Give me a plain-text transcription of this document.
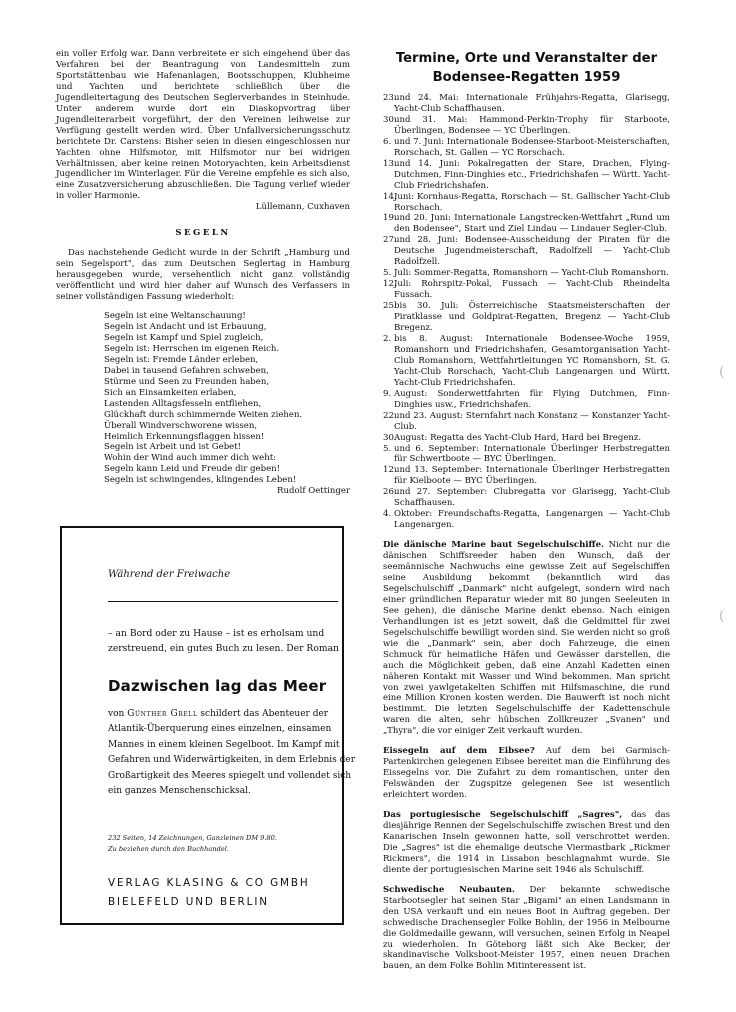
ein voller Erfolg war. Dann verbreitete er sich eingehend über das Verfahren bei der Beantragung von Landesmitteln zum Sportstättenbau wie Hafenanlagen, Bootsschuppen, Klubheime und Yachten und berichtete schließlich über die Jugendleitertagung des Deutschen Seglerverbandes in Steinhude. Unter anderem wurde dort ein Diaskopvortrag über Jugendleiterarbeit vorgeführt, der den Vereinen leihweise zur Verfügung gestellt werden wird. Über Unfallversicherungsschutz berichtete Dr. Carstens: Bisher seien in diesen eingeschlossen nur Yachten ohne Hilfsmotor, mit Hilfsmotor nur bei widrigen Verhältnissen, aber keine reinen Motoryachten, kein Arbeitsdienst Jugendlicher im Winterlager. Für die Vereine empfehle es sich also, eine Zusatzversicherung abzuschließen. Die Tagung verlief wieder in voller Harmonie.

Lüllemann, Cuxhaven

SEGELN

Das nachstehende Gedicht wurde in der Schrift „Hamburg und sein Segelsport", das zum Deutschen Seglertag in Hamburg herausgegeben wurde, versehentlich nicht ganz vollständig veröffentlicht und wird hier daher auf Wunsch des Verfassers in seiner vollständigen Fassung wiederholt:

Segeln ist eine Weltanschauung!
Segeln ist Andacht und ist Erbauung,
Segeln ist Kampf und Spiel zugleich,
Segeln ist: Herrschen im eigenen Reich.
Segeln ist: Fremde Länder erleben,
Dabei in tausend Gefahren schweben,
Stürme und Seen zu Freunden haben,
Sich an Einsamkeiten erlaben,
Lastenden Alltagsfesseln entfliehen,
Glückhaft durch schimmernde Weiten ziehen.
Überall Windverschworene wissen,
Heimlich Erkennungsflaggen hissen!
Segeln ist Arbeit und ist Gebet!
Wohin der Wind auch immer dich weht:
Segeln kann Leid und Freude dir geben!
Segeln ist schwingendes, klingendes Leben!

Rudolf Oettinger

Während der Freiwache
– an Bord oder zu Hause – ist es erholsam und zerstreuend, ein gutes Buch zu lesen. Der Roman
Dazwischen lag das Meer
von Günther Grell schildert das Abenteuer der Atlantik-Überquerung eines einzelnen, einsamen Mannes in einem kleinen Segelboot. Im Kampf mit Gefahren und Widerwärtigkeiten, in dem Erlebnis der Großartigkeit des Meeres spiegelt und vollendet sich ein ganzes Menschenschicksal.
232 Seiten, 14 Zeichnungen, Ganzleinen DM 9.80.
Zu beziehen durch den Buchhandel.
VERLAG KLASING & CO GMBH
BIELEFELD UND BERLIN
Termine, Orte und Veranstalter der
Bodensee-Regatten 1959
23.
und 24. Mai: Internationale Frühjahrs-Regatta, Glarisegg, Yacht-Club Schaffhausen.
30.
und 31. Mai: Hammond-Perkin-Trophy für Starboote, Überlingen, Bodensee — YC Überlingen.
6. und 7. Juni: Internationale Bodensee-Starboot-Meisterschaften, Rorschach, St. Gallen — YC Rorschach.
13.
und 14. Juni: Pokalregatten der Stare, Drachen, Flying-Dutchmen, Finn-Dinghies etc., Friedrichshafen — Württ. Yacht-Club Friedrichshafen.
14.
Juni: Kornhaus-Regatta, Rorschach — St. Gallischer Yacht-Club Rorschach.
19.
und 20. Juni: Internationale Langstrecken-Wettfahrt „Rund um den Bodensee", Start und Ziel Lindau — Lindauer Segler-Club.
27.
und 28. Juni: Bodensee-Ausscheidung der Piraten für die Deutsche Jugendmeisterschaft, Radolfzell — Yacht-Club Radolfzell.
5. Juli: Sommer-Regatta, Romanshorn — Yacht-Club Romanshorn.
12.
Juli: Rohrspitz-Pokal, Fussach — Yacht-Club Rheindelta Fussach.
25.
bis 30. Juli: Österreichische Staatsmeisterschaften der Piratklasse und Goldpirat-Regatten, Bregenz — Yacht-Club Bregenz.
2. bis 8. August: Internationale Bodensee-Woche 1959, Romanshorn und Friedrichshafen, Gesamtorganisation Yacht-Club Romanshorn, Wettfahrtleitungen YC Romanshorn, St. G. Yacht-Club Rorschach, Yacht-Club Langenargen und Württ. Yacht-Club Friedrichshafen.
9. August: Sonderwettfahrten für Flying Dutchmen, Finn-Dinghies usw., Friedrichshafen.
22.
und 23. August: Sternfahrt nach Konstanz — Konstanzer Yacht-Club.
30.
August: Regatta des Yacht-Club Hard, Hard bei Bregenz.
5. und 6. September: Internationale Überlinger Herbstregatten für Schwertboote — BYC Überlingen.
12.
und 13. September: Internationale Überlinger Herbstregatten für Kielboote — BYC Überlingen.
26.
und 27. September: Clubregatta vor Glarisegg, Yacht-Club Schaffhausen.
4. Oktober: Freundschafts-Regatta, Langenargen — Yacht-Club Langenargen.

Die dänische Marine baut Segelschulschiffe. Nicht nur die dänischen Schiffsreeder haben den Wunsch, daß der seemännische Nachwuchs eine gewisse Zeit auf Segelschiffen seine Ausbildung bekommt (bekanntlich wird das Segelschulschiff „Danmark" nicht aufgelegt, sondern wird nach einer gründlichen Reparatur wieder mit 80 jungen Seeleuten in See gehen), die dänische Marine denkt ebenso. Nach einigen Verhandlungen ist es jetzt soweit, daß die Geldmittel für zwei Segelschulschiffe bewilligt worden sind. Sie werden nicht so groß wie die „Danmark" sein, aber doch Fahrzeuge, die einen Schmuck für heimatliche Häfen und Gewässer darstellen, die auch die Möglichkeit geben, daß eine Anzahl Kadetten einen näheren Kontakt mit Wasser und Wind bekommen. Man spricht von zwei yawlgetakelten Schiffen mit Hilfsmaschine, die rund eine Million Kronen kosten werden. Die Bauwerft ist noch nicht bestimmt. Die letzten Segelschulschiffe der Kadettenschule waren die alten, sehr hübschen Zollkreuzer „Svanen" und „Thyra", die vor einiger Zeit verkauft wurden.

Eissegeln auf dem Eibsee? Auf dem bei Garmisch-Partenkirchen gelegenen Eibsee bereitet man die Einführung des Eissegelns vor. Die Zufahrt zu dem romantischen, unter den Felswänden der Zugspitze gelegenen See ist wesentlich erleichtert worden.

Das portugiesische Segelschulschiff „Sagres", das das diesjährige Rennen der Segelschulschiffe zwischen Brest und den Kanarischen Inseln gewonnen hatte, soll verschrottet werden. Die „Sagres" ist die ehemalige deutsche Viermastbark „Rickmer Rickmers", die 1914 in Lissabon beschlagnahmt wurde. Sie diente der portugiesischen Marine seit 1946 als Schulschiff.

Schwedische Neubauten. Der bekannte schwedische Starbootsegler hat seinen Star „Bigami" an einen Landsmann in den USA verkauft und ein neues Boot in Auftrag gegeben. Der schwedische Drachensegler Folke Bohlin, der 1956 in Melbourne die Goldmedaille gewann, will versuchen, seinen Erfolg in Neapel zu wiederholen. In Göteborg läßt sich Ake Becker, der skandinavische Volksboot-Meister 1957, einen neuen Drachen bauen, an dem Folke Bohlin Mitinteressent ist.

(
(
